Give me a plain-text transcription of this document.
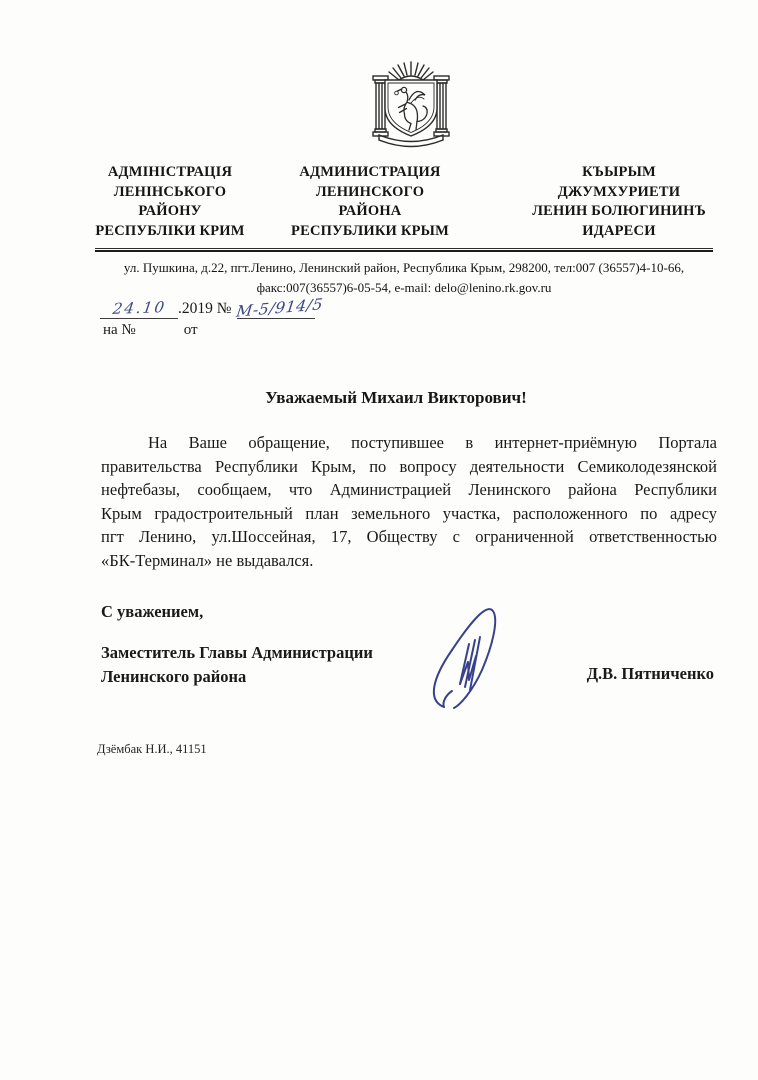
АДМІНІСТРАЦІЯ
ЛЕНІНСЬКОГО
РАЙОНУ
РЕСПУБЛІКИ КРИМ
АДМИНИСТРАЦИЯ
ЛЕНИНСКОГО
РАЙОНА
РЕСПУБЛИКИ КРЫМ
КЪЫРЫМ
ДЖУМХУРИЕТИ
ЛЕНИН БОЛЮГИНИНЪ
ИДАРЕСИ
ул. Пушкина, д.22, пгт.Ленино, Ленинский район, Республика Крым, 298200, тел:007 (36557)4-10-66,
факс:007(36557)6-05-54, e-mail: delo@lenino.rk.gov.ru
24.10 .2019 № М-5/914/5
на №	от
Уважаемый Михаил Викторович!
На Ваше обращение, поступившее в интернет-приёмную Портала
правительства Республики Крым, по вопросу деятельности Семиколодезянской
нефтебазы, сообщаем, что Администрацией Ленинского района Республики
Крым градостроительный план земельного участка, расположенного по адресу
пгт Ленино, ул.Шоссейная, 17, Обществу с ограниченной ответственностью
«БК-Терминал» не выдавался.
С уважением,
Заместитель Главы Администрации
Ленинского района	Д.В. Пятниченко
Дзёмбак Н.И., 41151
